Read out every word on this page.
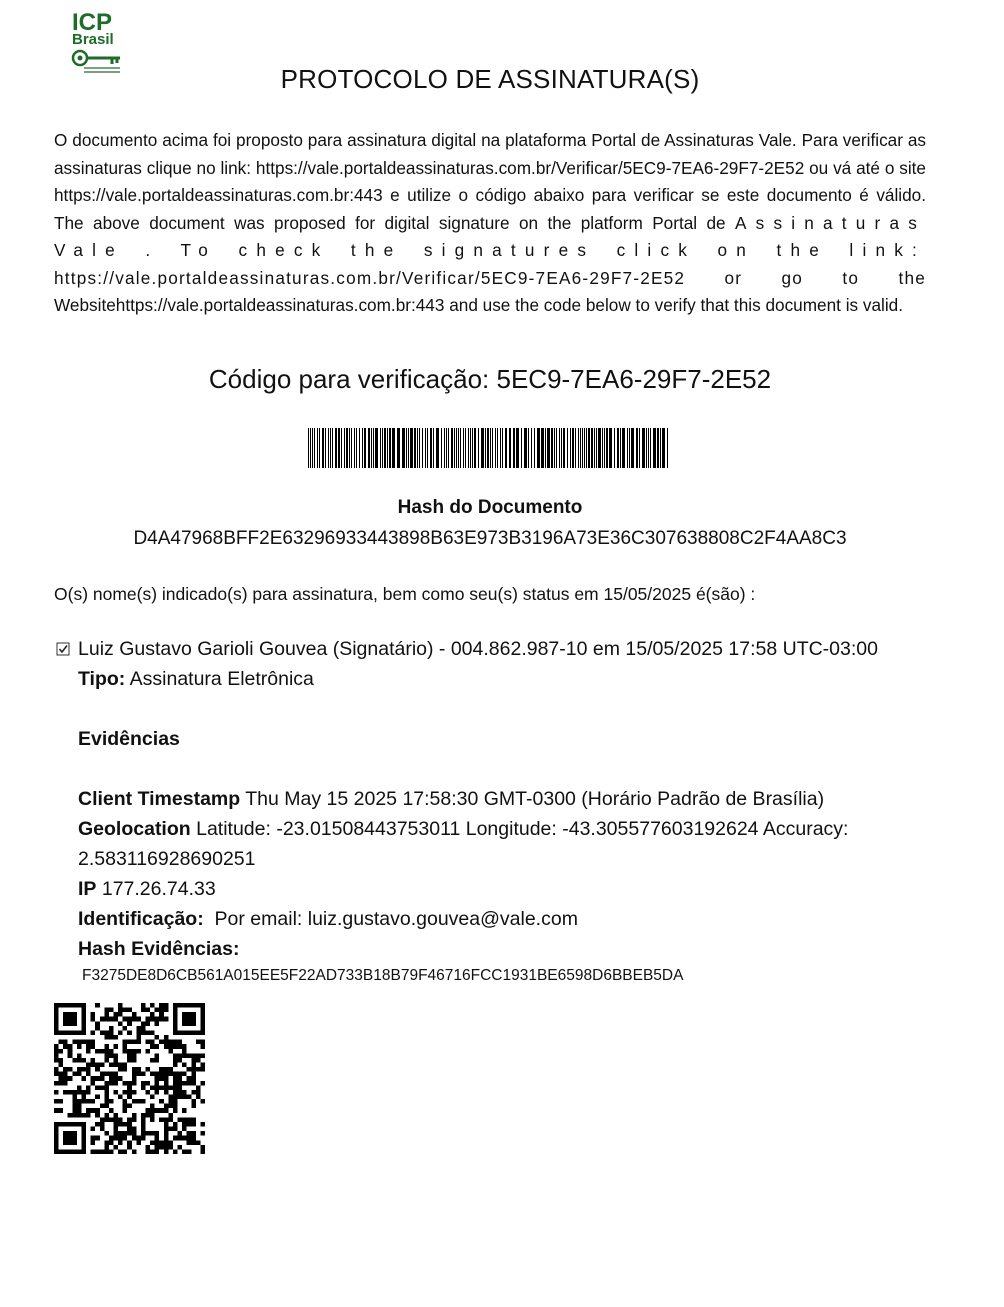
ICP
Brasil
PROTOCOLO DE ASSINATURA(S)

O documento acima foi proposto para assinatura digital na plataforma Portal de Assinaturas Vale. Para verificar as assinaturas clique no link: https://vale.portaldeassinaturas.com.br/Verificar/5EC9-7EA6-29F7-2E52 ou vá até o site https://vale.portaldeassinaturas.com.br:443 e utilize o código abaixo para verificar se este documento é válido. The above document was proposed for digital signature on the platform Portal de Assinaturas Vale . To check the signatures click on the link: https://vale.portaldeassinaturas.com.br/Verificar/5EC9-7EA6-29F7-2E52 or go to the Websitehttps://vale.portaldeassinaturas.com.br:443 and use the code below to verify that this document is valid.

Código para verificação: 5EC9-7EA6-29F7-2E52
Hash do Documento
D4A47968BFF2E63296933443898B63E973B3196A73E36C307638808C2F4AA8C3
O(s) nome(s) indicado(s) para assinatura, bem como seu(s) status em 15/05/2025 é(são) :

Luiz Gustavo Garioli Gouvea (Signatário) - 004.862.987-10 em 15/05/2025 17:58 UTC-03:00

Tipo: Assinatura Eletrônica

Evidências

Client Timestamp Thu May 15 2025 17:58:30 GMT-0300 (Horário Padrão de Brasília)

Geolocation Latitude: -23.01508443753011 Longitude: -43.305577603192624 Accuracy: 2.583116928690251

IP 177.26.74.33

Identificação: Por email: luiz.gustavo.gouvea@vale.com

Hash Evidências:

F3275DE8D6CB561A015EE5F22AD733B18B79F46716FCC1931BE6598D6BBEB5DA
